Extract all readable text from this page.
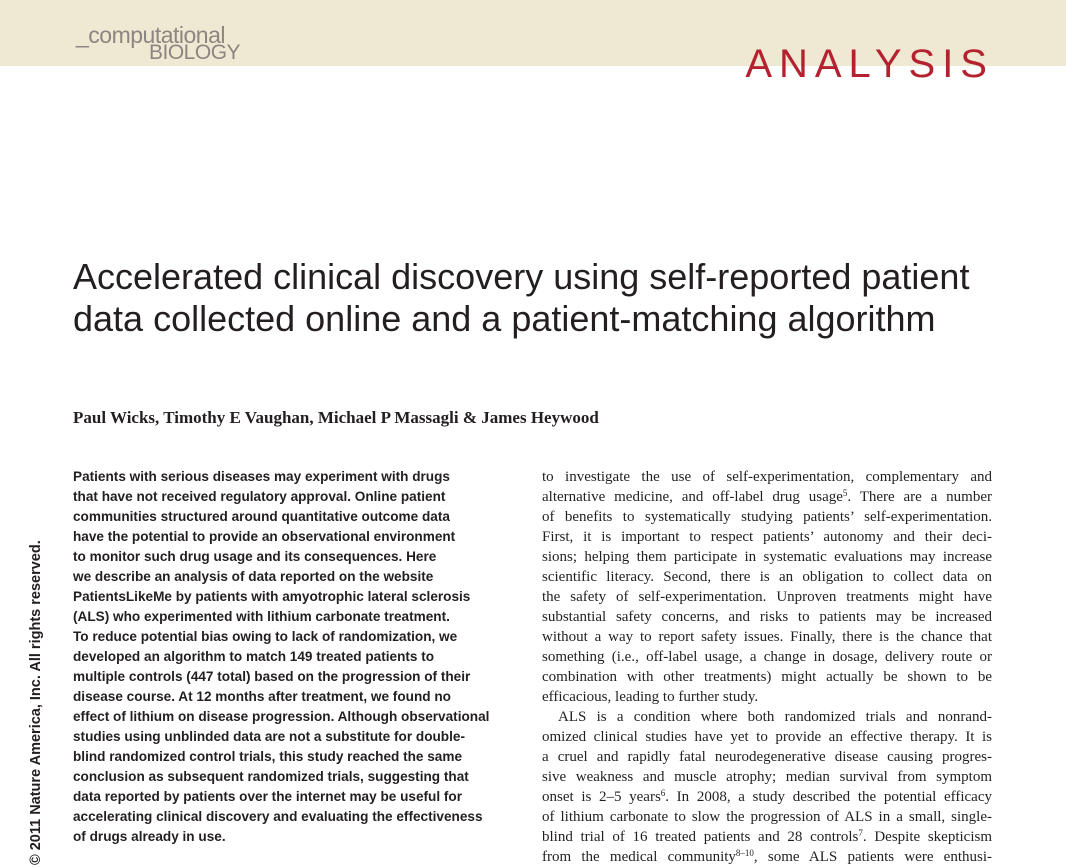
_computational
BIOLOGY	ANALYSIS
Accelerated clinical discovery using self-reported patient data collected online and a patient-matching algorithm
Paul Wicks, Timothy E Vaughan, Michael P Massagli & James Heywood
© 2011 Nature America, Inc. All rights reserved.
Patients with serious diseases may experiment with drugs
that have not received regulatory approval. Online patient
communities structured around quantitative outcome data
have the potential to provide an observational environment
to monitor such drug usage and its consequences. Here
we describe an analysis of data reported on the website
PatientsLikeMe by patients with amyotrophic lateral sclerosis
(ALS) who experimented with lithium carbonate treatment.
To reduce potential bias owing to lack of randomization, we
developed an algorithm to match 149 treated patients to
multiple controls (447 total) based on the progression of their
disease course. At 12 months after treatment, we found no
effect of lithium on disease progression. Although observational
studies using unblinded data are not a substitute for double-
blind randomized control trials, this study reached the same
conclusion as subsequent randomized trials, suggesting that
data reported by patients over the internet may be useful for
accelerating clinical discovery and evaluating the effectiveness
of drugs already in use.
to investigate the use of self-experimentation, complementary and
alternative medicine, and off-label drug usage$^5$. There are a number
of benefits to systematically studying patients’ self-experimentation.
First, it is important to respect patients’ autonomy and their deci-
sions; helping them participate in systematic evaluations may increase
scientific literacy. Second, there is an obligation to collect data on
the safety of self-experimentation. Unproven treatments might have
substantial safety concerns, and risks to patients may be increased
without a way to report safety issues. Finally, there is the chance that
something (i.e., off-label usage, a change in dosage, delivery route or
combination with other treatments) might actually be shown to be
efficacious, leading to further study.
ALS is a condition where both randomized trials and nonrand-
omized clinical studies have yet to provide an effective therapy. It is
a cruel and rapidly fatal neurodegenerative disease causing progres-
sive weakness and muscle atrophy; median survival from symptom
onset is 2–5 years$^6$. In 2008, a study described the potential efficacy
of lithium carbonate to slow the progression of ALS in a small, single-
blind trial of 16 treated patients and 28 controls$^7$. Despite skepticism
from the medical community$^{8-10}$, some ALS patients were enthusi-
